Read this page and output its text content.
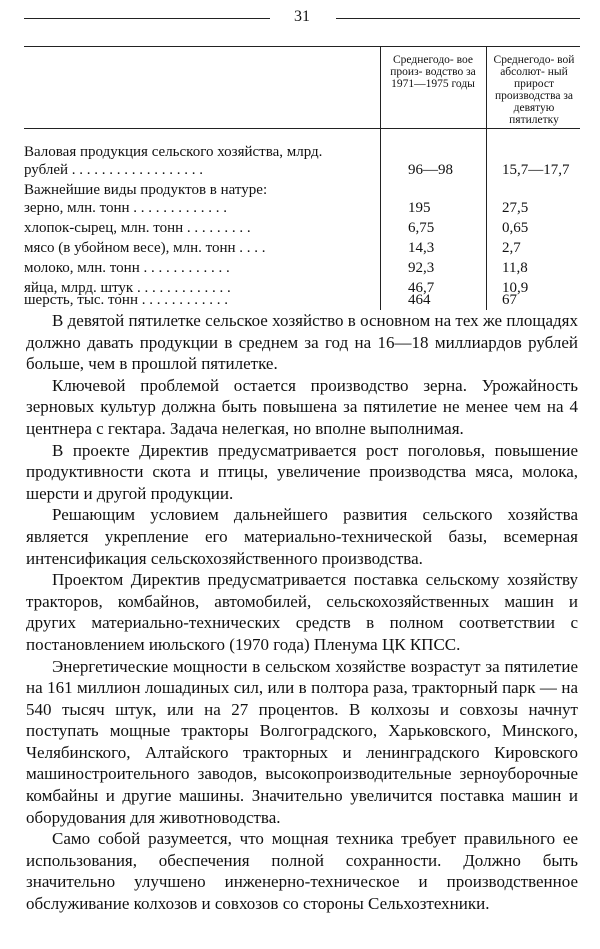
31
Среднегодо- вое произ- водство за 1971—1975 годы
Среднегодо- вой абсолют- ный прирост производства за девятую пятилетку
Валовая продукция сельского хозяйства, млрд.
рублей . . . . . . . . . . . . . . . . . .	96—98	15,7—17,7
Важнейшие виды продуктов в натуре:
зерно, млн. тонн . . . . . . . . . . . . .	195	27,5
хлопок-сырец, млн. тонн . . . . . . . . .	6,75	0,65
мясо (в убойном весе), млн. тонн . . . .	14,3	2,7
молоко, млн. тонн . . . . . . . . . . . .	92,3	11,8
яйца, млрд. штук . . . . . . . . . . . . .	46,7	10,9
шерсть, тыс. тонн . . . . . . . . . . . .	464	67

В девятой пятилетке сельское хозяйство в основном на тех же площадях должно давать продукции в среднем за год на 16—18 миллиардов рублей больше, чем в прошлой пятилетке.

Ключевой проблемой остается производство зерна. Урожайность зерновых культур должна быть повышена за пятилетие не менее чем на 4 центнера с гектара. Задача нелегкая, но вполне выполнимая.

В проекте Директив предусматривается рост поголовья, повышение продуктивности скота и птицы, увеличение производства мяса, молока, шерсти и другой продукции.

Решающим условием дальнейшего развития сельского хозяйства является укрепление его материально-технической базы, всемерная интенсификация сельскохозяйственного производства.

Проектом Директив предусматривается поставка сельскому хозяйству тракторов, комбайнов, автомобилей, сельскохозяйственных машин и других материально-технических средств в полном соответствии с постановлением июльского (1970 года) Пленума ЦК КПСС.

Энергетические мощности в сельском хозяйстве возрастут за пятилетие на 161 миллион лошадиных сил, или в полтора раза, тракторный парк — на 540 тысяч штук, или на 27 процентов. В колхозы и совхозы начнут поступать мощные тракторы Волгоградского, Харьковского, Минского, Челябинского, Алтайского тракторных и ленинградского Кировского машиностроительного заводов, высокопроизводительные зерноуборочные комбайны и другие машины. Значительно увеличится поставка машин и оборудования для животноводства.

Само собой разумеется, что мощная техника требует правильного ее использования, обеспечения полной сохранности. Должно быть значительно улучшено инженерно-техническое и производственное обслуживание колхозов и совхозов со стороны Сельхозтехники.
